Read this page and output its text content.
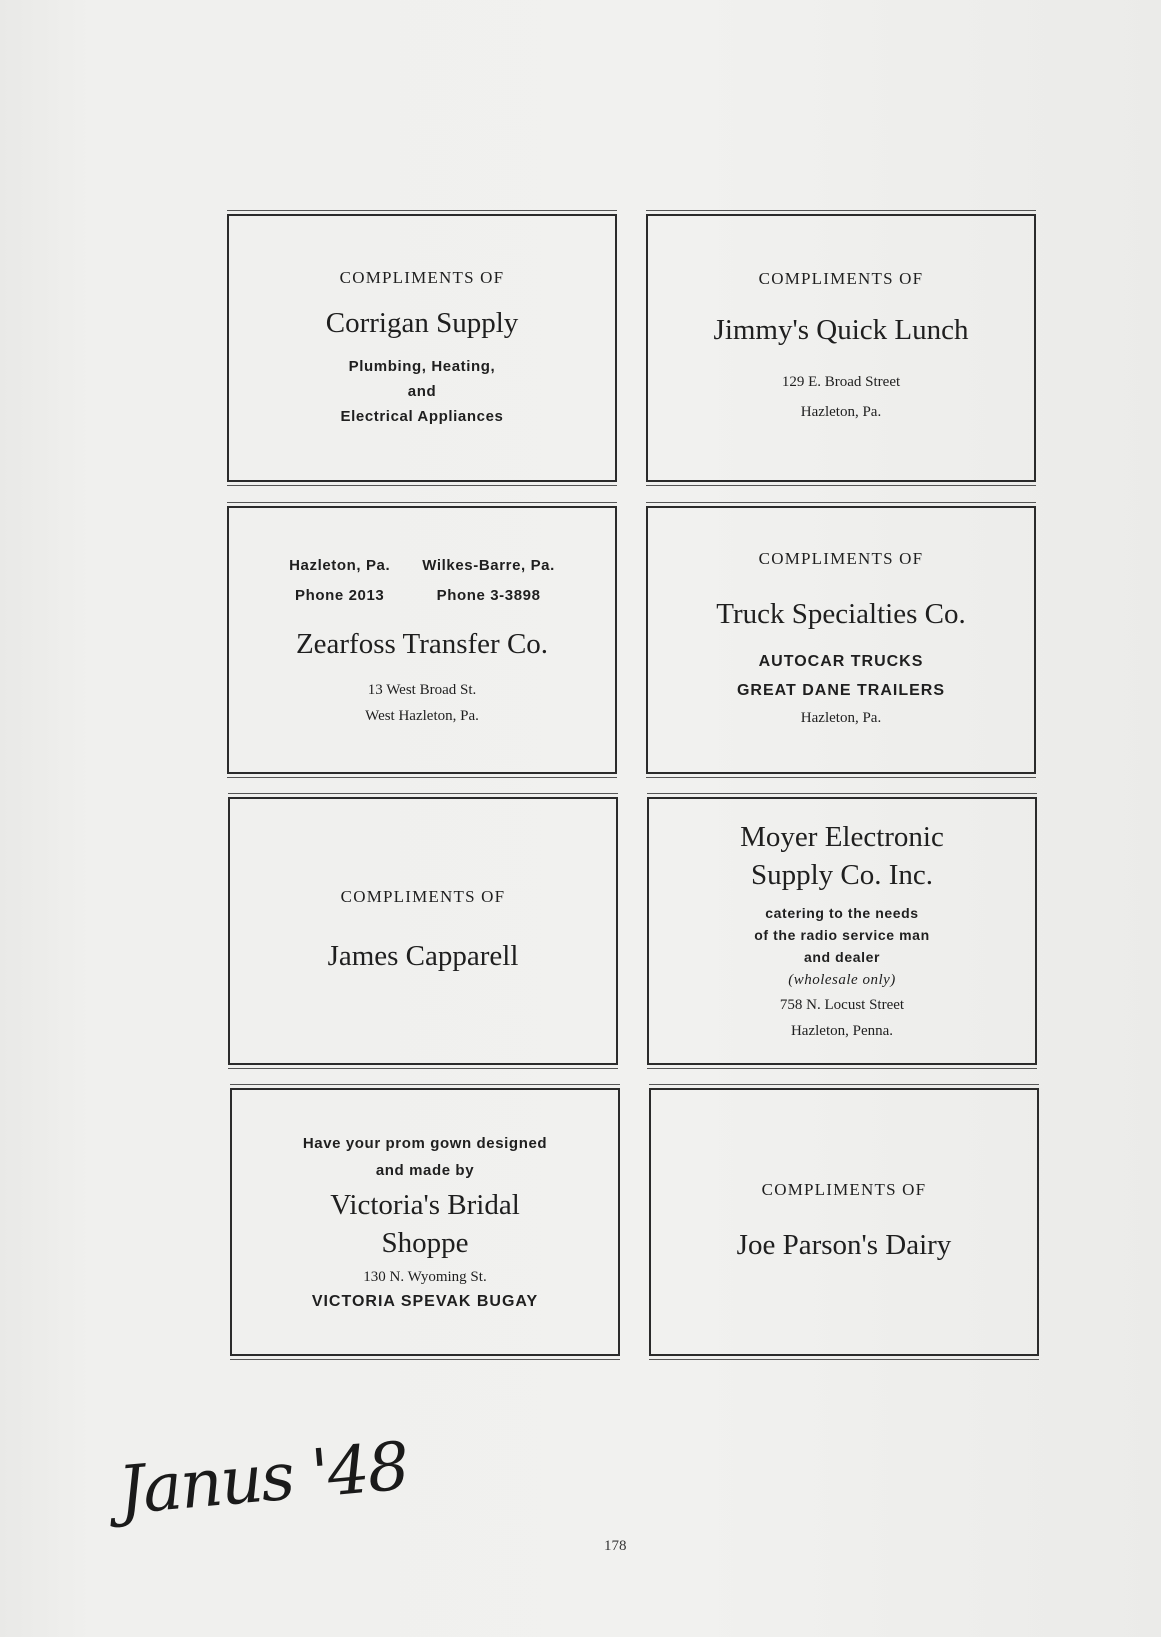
COMPLIMENTS OF
Corrigan Supply
Plumbing, Heating,
and
Electrical Appliances
COMPLIMENTS OF
Jimmy's Quick Lunch
129 E. Broad Street
Hazleton, Pa.
Hazleton, Pa.
Phone 2013
Wilkes-Barre, Pa.
Phone 3-3898
Zearfoss Transfer Co.
13 West Broad St.
West Hazleton, Pa.
COMPLIMENTS OF
Truck Specialties Co.
AUTOCAR TRUCKS
GREAT DANE TRAILERS
Hazleton, Pa.
COMPLIMENTS OF
James Capparell
Moyer Electronic
Supply Co. Inc.
catering to the needs
of the radio service man
and dealer
(wholesale only)
758 N. Locust Street
Hazleton, Penna.
Have your prom gown designed
and made by
Victoria's Bridal
Shoppe
130 N. Wyoming St.
VICTORIA SPEVAK BUGAY
COMPLIMENTS OF
Joe Parson's Dairy
Janus '48
178
